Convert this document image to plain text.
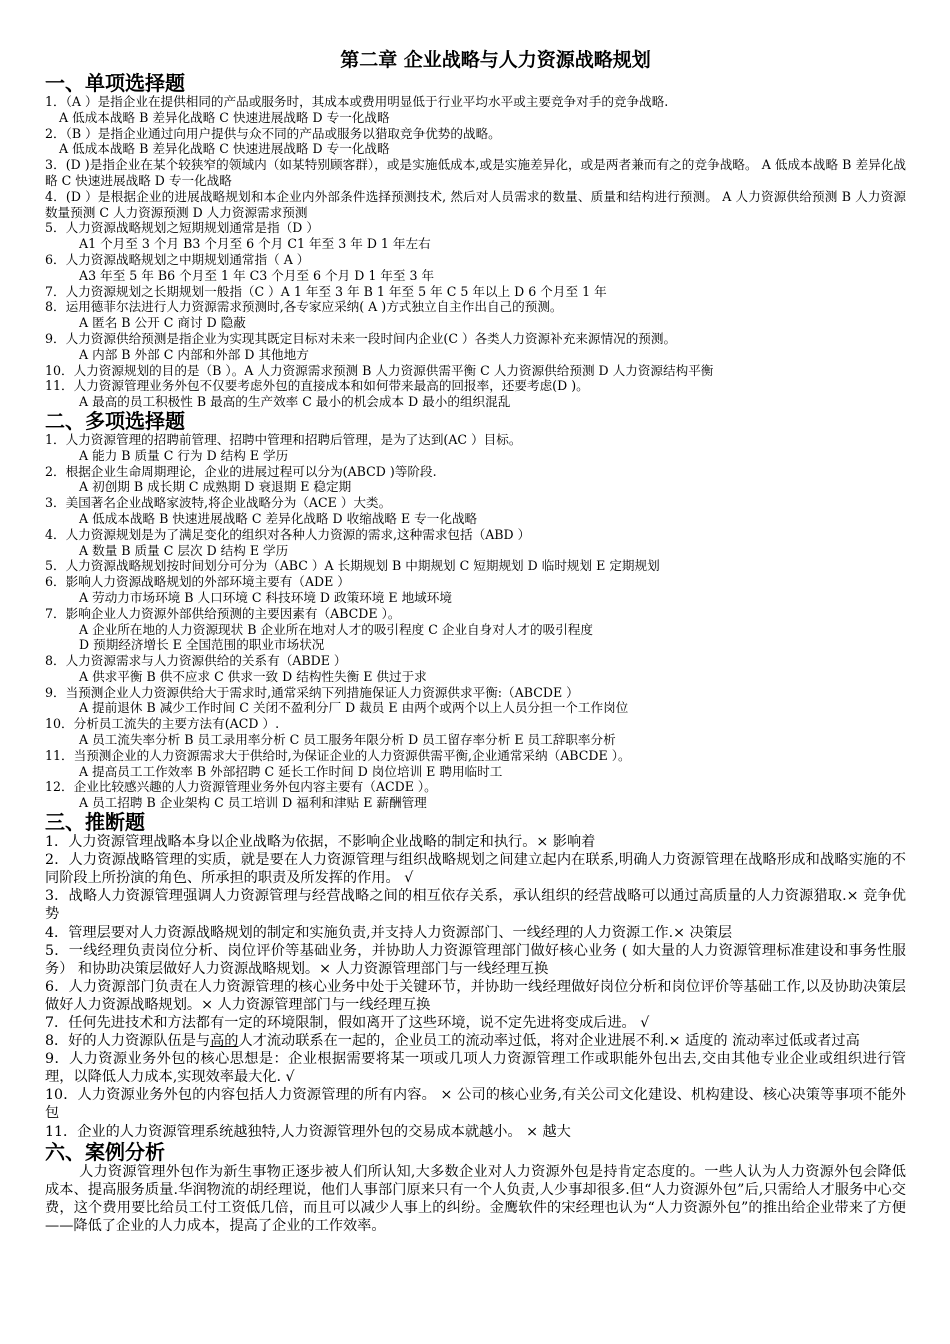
第二章 企业战略与人力资源战略规划
一、单项选择题

1．（A ）是指企业在提供相同的产品或服务时，其成本或费用明显低于行业平均水平或主要竞争对手的竞争战略.

A 低成本战略 B 差异化战略 C 快速进展战略 D 专一化战略

2．（B ）是指企业通过向用户提供与众不同的产品或服务以猎取竞争优势的战略。

A 低成本战略 B 差异化战略 C 快速进展战略 D 专一化战略

3．(D )是指企业在某个较狭窄的领域内（如某特别顾客群），或是实施低成本,或是实施差异化，或是两者兼而有之的竞争战略。 A 低成本战略 B 差异化战略 C 快速进展战略 D 专一化战略

4．(D ）是根据企业的进展战略规划和本企业内外部条件选择预测技术, 然后对人员需求的数量、质量和结构进行预测。 A 人力资源供给预测 B 人力资源数量预测 C 人力资源预测 D 人力资源需求预测

5．人力资源战略规划之短期规划通常是指（D ）

A1 个月至 3 个月 B3 个月至 6 个月 C1 年至 3 年 D 1 年左右

6．人力资源战略规划之中期规划通常指（ A ）

A3 年至 5 年 B6 个月至 1 年 C3 个月至 6 个月 D 1 年至 3 年

7．人力资源规划之长期规划一般指（C ）A 1 年至 3 年 B 1 年至 5 年 C 5 年以上 D 6 个月至 1 年

8．运用德菲尔法进行人力资源需求预测时,各专家应采纳( A )方式独立自主作出自己的预测。

A 匿名 B 公开 C 商讨 D 隐蔽

9．人力资源供给预测是指企业为实现其既定目标对未来一段时间内企业(C ）各类人力资源补充来源情况的预测。

A 内部 B 外部 C 内部和外部 D 其他地方

10．人力资源规划的目的是（B ）。A 人力资源需求预测 B 人力资源供需平衡 C 人力资源供给预测 D 人力资源结构平衡

11．人力资源管理业务外包不仅要考虑外包的直接成本和如何带来最高的回报率，还要考虑(D )。

A 最高的员工积极性 B 最高的生产效率 C 最小的机会成本 D 最小的组织混乱

二、多项选择题

1．人力资源管理的招聘前管理、招聘中管理和招聘后管理，是为了达到(AC ）目标。

A 能力 B 质量 C 行为 D 结构 E 学历

2．根据企业生命周期理论，企业的进展过程可以分为(ABCD )等阶段.

A 初创期 B 成长期 C 成熟期 D 衰退期 E 稳定期

3．美国著名企业战略家波特,将企业战略分为（ACE ）大类。

A 低成本战略 B 快速进展战略 C 差异化战略 D 收缩战略 E 专一化战略

4．人力资源规划是为了满足变化的组织对各种人力资源的需求,这种需求包括（ABD ）

A 数量 B 质量 C 层次 D 结构 E 学历

5．人力资源战略规划按时间划分可分为（ABC ）A 长期规划 B 中期规划 C 短期规划 D 临时规划 E 定期规划

6．影响人力资源战略规划的外部环境主要有（ADE ）

A 劳动力市场环境 B 人口环境 C 科技环境 D 政策环境 E 地域环境

7．影响企业人力资源外部供给预测的主要因素有（ABCDE ）。

A 企业所在地的人力资源现状 B 企业所在地对人才的吸引程度 C 企业自身对人才的吸引程度

D 预期经济增长 E 全国范围的职业市场状况

8．人力资源需求与人力资源供给的关系有（ABDE ）

A 供求平衡 B 供不应求 C 供求一致 D 结构性失衡 E 供过于求

9．当预测企业人力资源供给大于需求时,通常采纳下列措施保证人力资源供求平衡:（ABCDE ）

A 提前退休 B 减少工作时间 C 关闭不盈利分厂 D 裁员 E 由两个或两个以上人员分担一个工作岗位

10．分析员工流失的主要方法有(ACD ）.

A 员工流失率分析 B 员工录用率分析 C 员工服务年限分析 D 员工留存率分析 E 员工辞职率分析

11．当预测企业的人力资源需求大于供给时,为保证企业的人力资源供需平衡,企业通常采纳（ABCDE ）。

A 提高员工工作效率 B 外部招聘 C 延长工作时间 D 岗位培训 E 聘用临时工

12．企业比较感兴趣的人力资源管理业务外包内容主要有（ACDE ）。

A 员工招聘 B 企业架构 C 员工培训 D 福利和津贴 E 薪酬管理

三、推断题

1．人力资源管理战略本身以企业战略为依据，不影响企业战略的制定和执行。× 影响着

2．人力资源战略管理的实质，就是要在人力资源管理与组织战略规划之间建立起内在联系,明确人力资源管理在战略形成和战略实施的不同阶段上所扮演的角色、所承担的职责及所发挥的作用。 √

3．战略人力资源管理强调人力资源管理与经营战略之间的相互依存关系，承认组织的经营战略可以通过高质量的人力资源猎取.× 竞争优势

4．管理层要对人力资源战略规划的制定和实施负责,并支持人力资源部门、一线经理的人力资源工作.× 决策层

5．一线经理负责岗位分析、岗位评价等基础业务，并协助人力资源管理部门做好核心业务 ( 如大量的人力资源管理标准建设和事务性服务） 和协助决策层做好人力资源战略规划。× 人力资源管理部门与一线经理互换

6．人力资源部门负责在人力资源管理的核心业务中处于关键环节，并协助一线经理做好岗位分析和岗位评价等基础工作,以及协助决策层做好人力资源战略规划。× 人力资源管理部门与一线经理互换

7．任何先进技术和方法都有一定的环境限制，假如离开了这些环境，说不定先进将变成后进。 √

8．好的人力资源队伍是与高的人才流动联系在一起的，企业员工的流动率过低，将对企业进展不利.× 适度的 流动率过低或者过高

9．人力资源业务外包的核心思想是：企业根据需要将某一项或几项人力资源管理工作或职能外包出去,交由其他专业企业或组织进行管理，以降低人力成本,实现效率最大化. √

10．人力资源业务外包的内容包括人力资源管理的所有内容。 × 公司的核心业务,有关公司文化建设、机构建设、核心决策等事项不能外包

11．企业的人力资源管理系统越独特,人力资源管理外包的交易成本就越小。 × 越大

六、案例分析

人力资源管理外包作为新生事物正逐步被人们所认知,大多数企业对人力资源外包是持肯定态度的。一些人认为人力资源外包会降低成本、提高服务质量.华润物流的胡经理说，他们人事部门原来只有一个人负责,人少事却很多.但“人力资源外包”后,只需给人才服务中心交费，这个费用要比给员工付工资低几倍，而且可以减少人事上的纠纷。金鹰软件的宋经理也认为“人力资源外包”的推出给企业带来了方便——降低了企业的人力成本，提高了企业的工作效率。
